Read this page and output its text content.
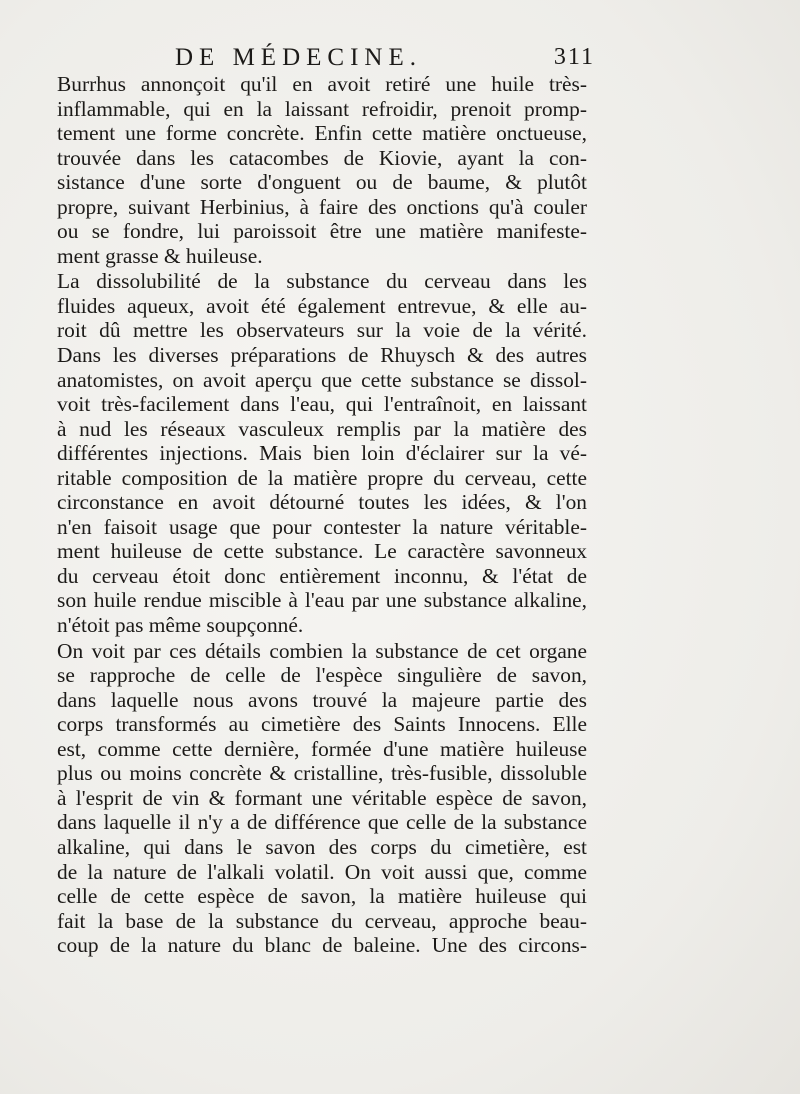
DE MÉDECINE.	311
Burrhus annonçoit qu'il en avoit retiré une huile très-
inflammable, qui en la laissant refroidir, prenoit promp-
tement une forme concrète. Enfin cette matière onctueuse,
trouvée dans les catacombes de Kiovie, ayant la con-
sistance d'une sorte d'onguent ou de baume, & plutôt
propre, suivant Herbinius, à faire des onctions qu'à couler
ou se fondre, lui paroissoit être une matière manifeste-
ment grasse & huileuse.
La dissolubilité de la substance du cerveau dans les
fluides aqueux, avoit été également entrevue, & elle au-
roit dû mettre les observateurs sur la voie de la vérité.
Dans les diverses préparations de Rhuysch & des autres
anatomistes, on avoit aperçu que cette substance se dissol-
voit très-facilement dans l'eau, qui l'entraînoit, en laissant
à nud les réseaux vasculeux remplis par la matière des
différentes injections. Mais bien loin d'éclairer sur la vé-
ritable composition de la matière propre du cerveau, cette
circonstance en avoit détourné toutes les idées, & l'on
n'en faisoit usage que pour contester la nature véritable-
ment huileuse de cette substance. Le caractère savonneux
du cerveau étoit donc entièrement inconnu, & l'état de
son huile rendue miscible à l'eau par une substance alkaline,
n'étoit pas même soupçonné.
On voit par ces détails combien la substance de cet organe
se rapproche de celle de l'espèce singulière de savon,
dans laquelle nous avons trouvé la majeure partie des
corps transformés au cimetière des Saints Innocens. Elle
est, comme cette dernière, formée d'une matière huileuse
plus ou moins concrète & cristalline, très-fusible, dissoluble
à l'esprit de vin & formant une véritable espèce de savon,
dans laquelle il n'y a de différence que celle de la substance
alkaline, qui dans le savon des corps du cimetière, est
de la nature de l'alkali volatil. On voit aussi que, comme
celle de cette espèce de savon, la matière huileuse qui
fait la base de la substance du cerveau, approche beau-
coup de la nature du blanc de baleine. Une des circons-
